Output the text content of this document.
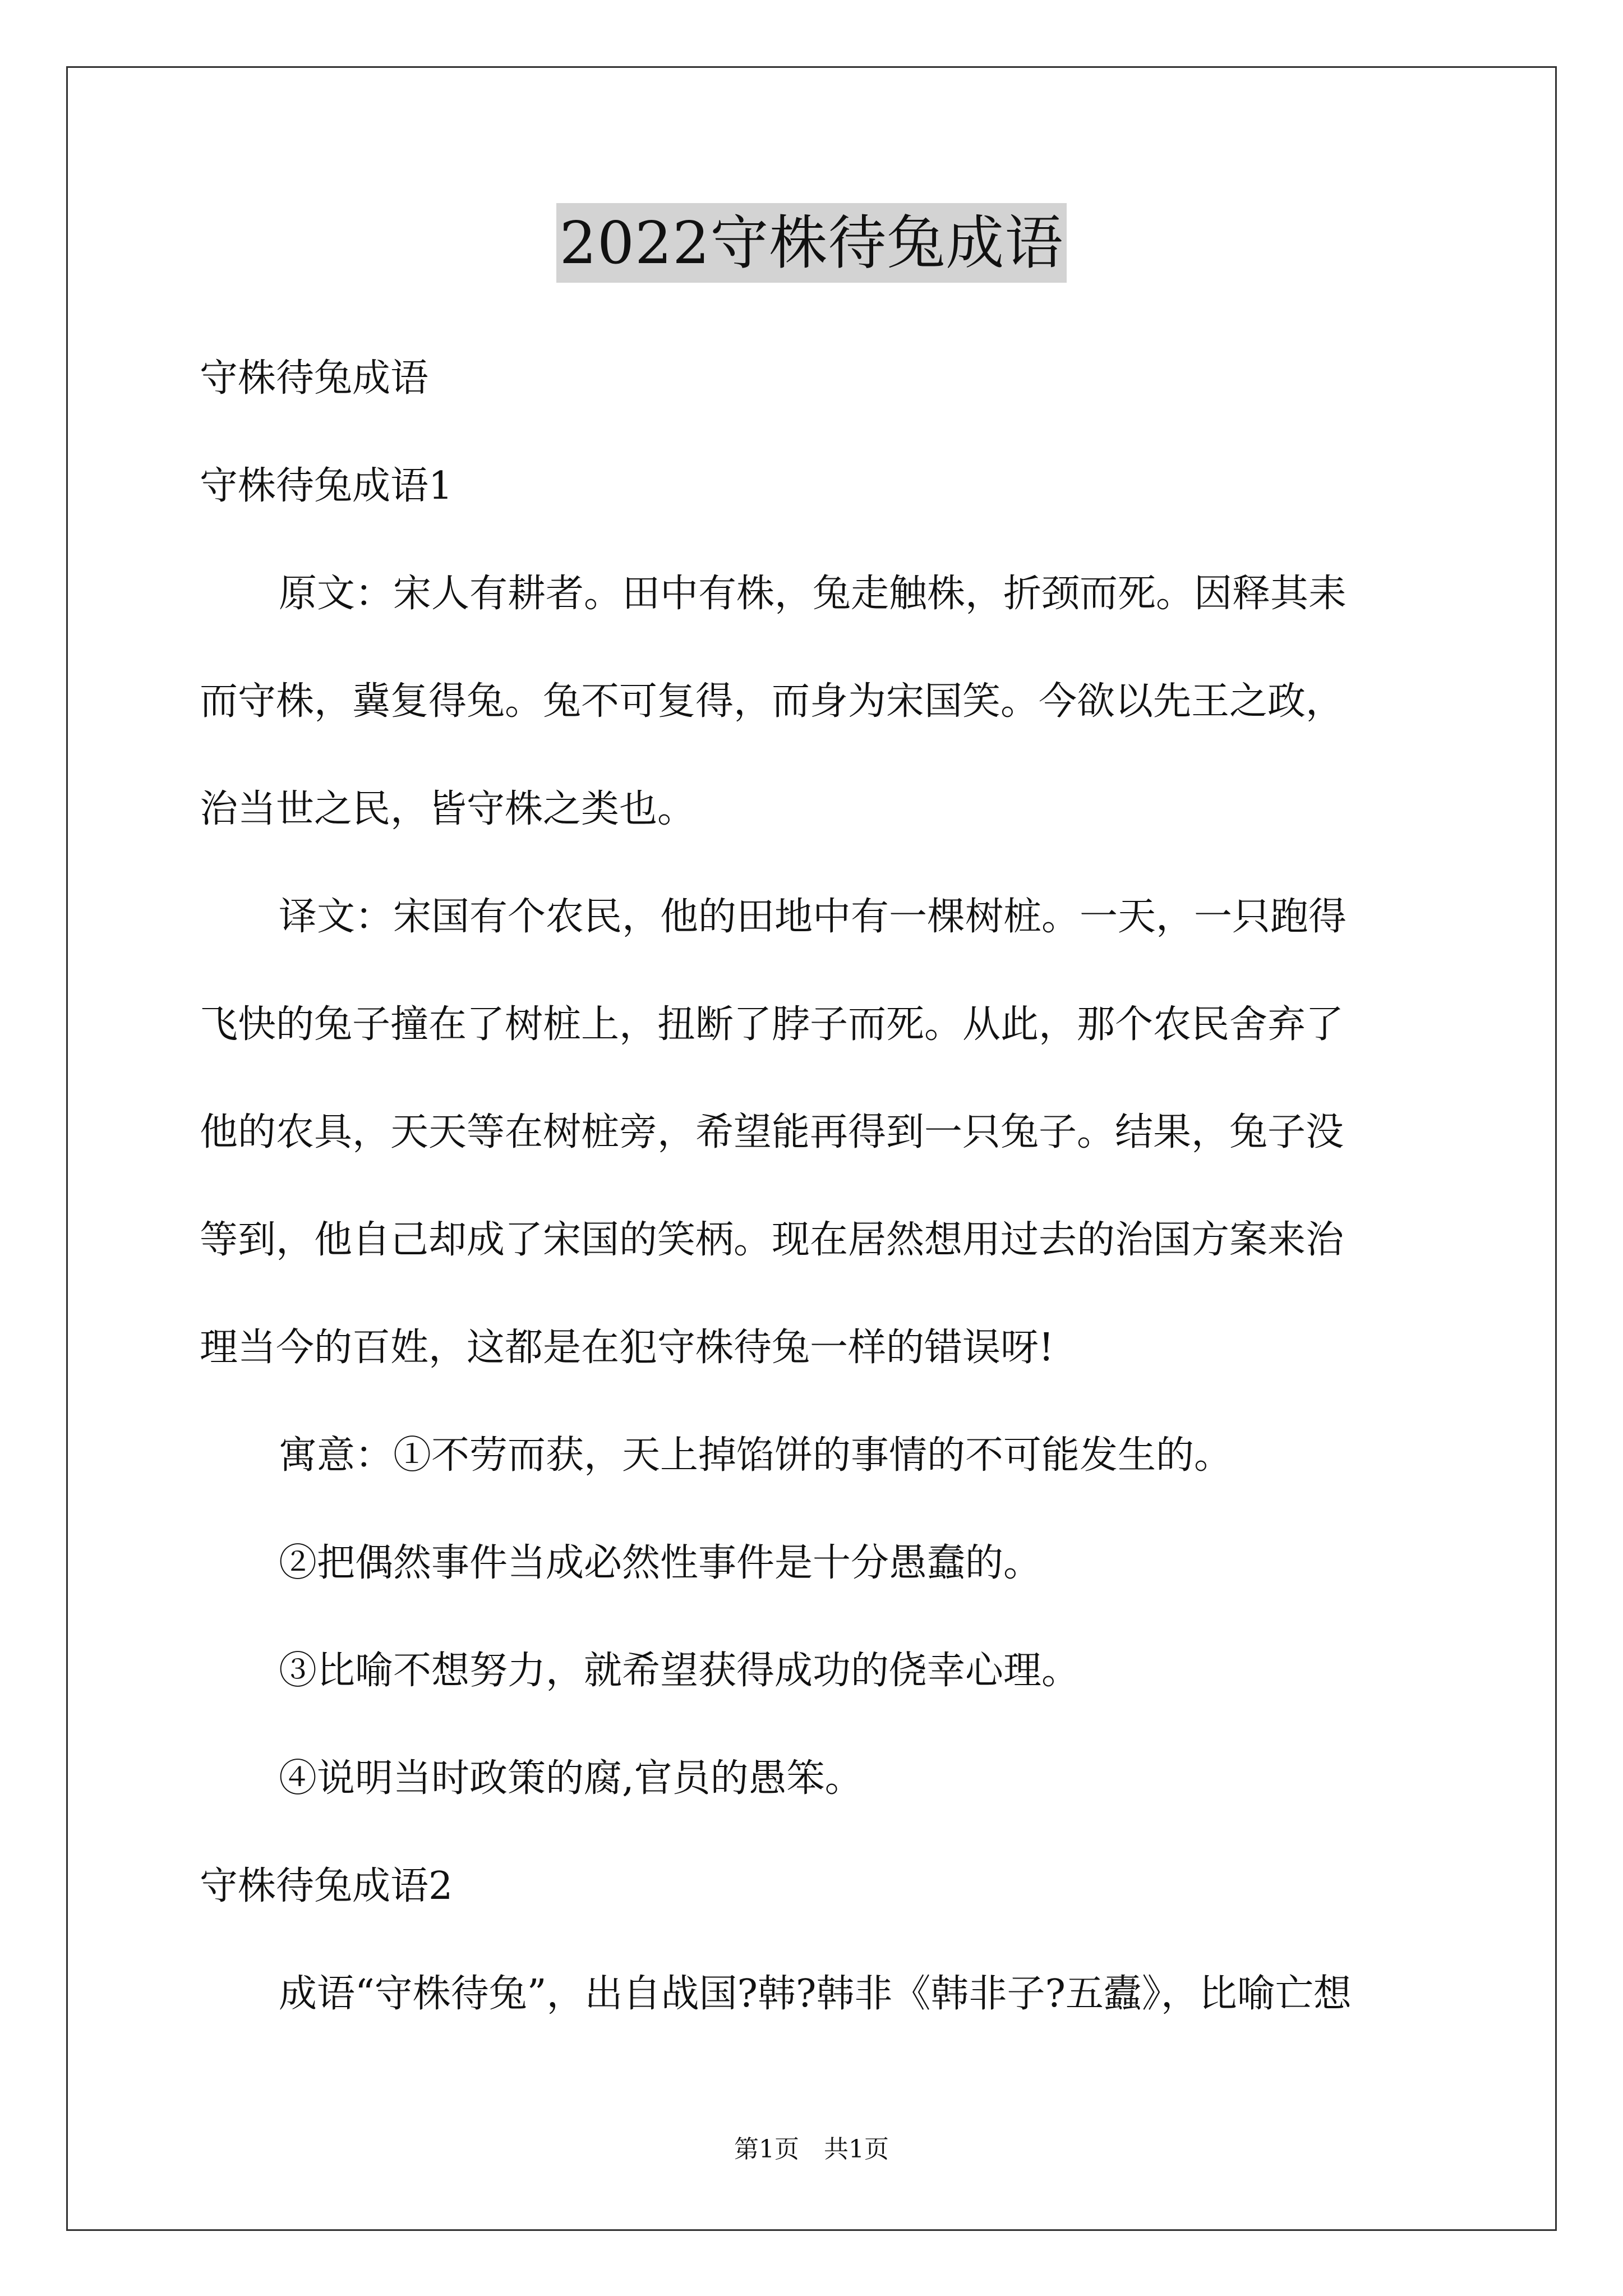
2022守株待兔成语
守株待兔成语
守株待兔成语1
原文：宋人有耕者。田中有株，兔走触株，折颈而死。因释其耒
而守株，冀复得兔。兔不可复得，而身为宋国笑。今欲以先王之政，
治当世之民，皆守株之类也。
译文：宋国有个农民，他的田地中有一棵树桩。一天，一只跑得
飞快的兔子撞在了树桩上，扭断了脖子而死。从此，那个农民舍弃了
他的农具，天天等在树桩旁，希望能再得到一只兔子。结果，兔子没
等到，他自己却成了宋国的笑柄。现在居然想用过去的治国方案来治
理当今的百姓，这都是在犯守株待兔一样的错误呀!
寓意：①不劳而获，天上掉馅饼的事情的不可能发生的。
②把偶然事件当成必然性事件是十分愚蠢的。
③比喻不想努力，就希望获得成功的侥幸心理。
④说明当时政策的腐,官员的愚笨。
守株待兔成语2
成语“守株待兔”，出自战国?韩?韩非《韩非子?五蠹》，比喻亡想
第1页 共1页
